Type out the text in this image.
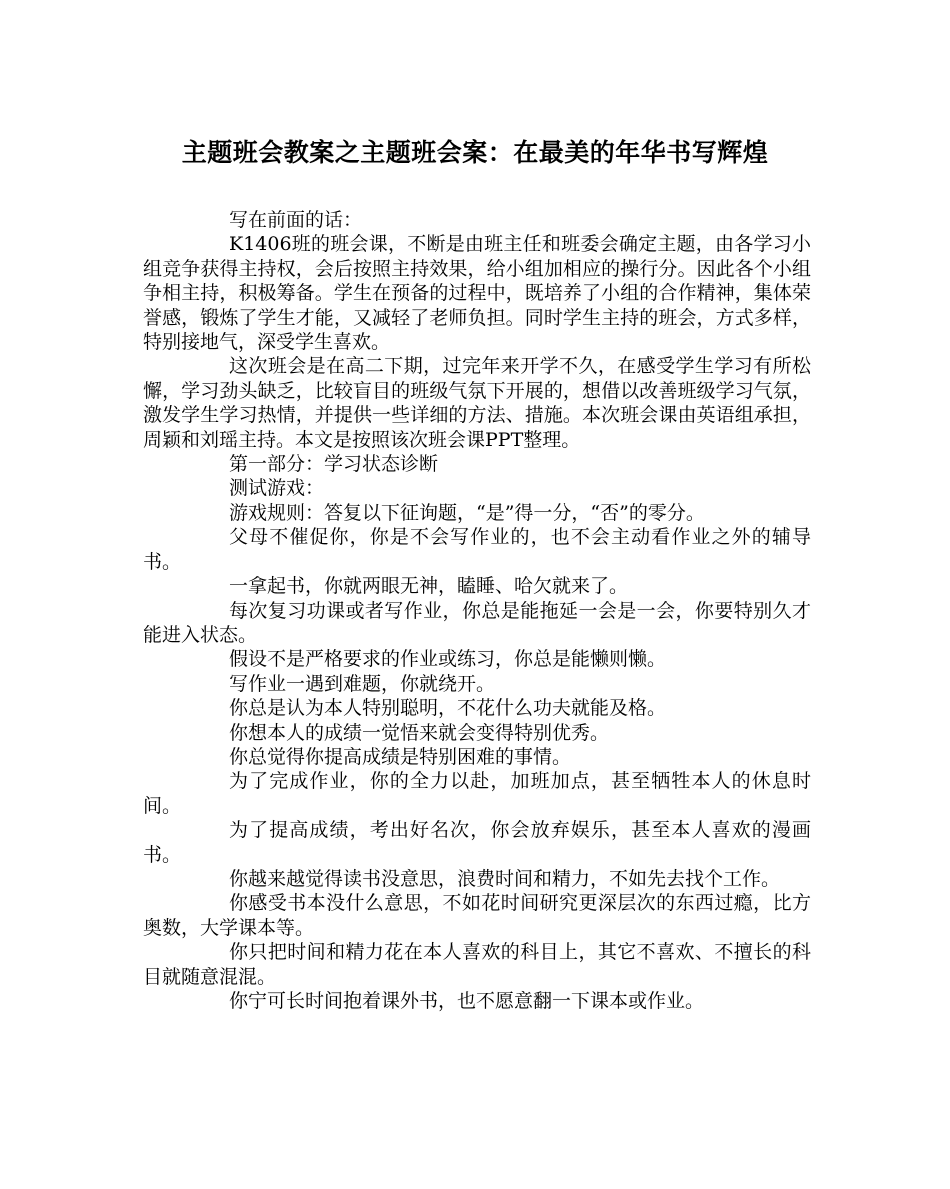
主题班会教案之主题班会案：在最美的年华书写辉煌

写在前面的话：

K1406班的班会课，不断是由班主任和班委会确定主题，由各学习小组竞争获得主持权，会后按照主持效果，给小组加相应的操行分。因此各个小组争相主持，积极筹备。学生在预备的过程中，既培养了小组的合作精神，集体荣誉感，锻炼了学生才能，又减轻了老师负担。同时学生主持的班会，方式多样，特别接地气，深受学生喜欢。

这次班会是在高二下期，过完年来开学不久，在感受学生学习有所松懈，学习劲头缺乏，比较盲目的班级气氛下开展的，想借以改善班级学习气氛，激发学生学习热情，并提供一些详细的方法、措施。本次班会课由英语组承担，周颖和刘瑶主持。本文是按照该次班会课PPT整理。

第一部分：学习状态诊断

测试游戏：

游戏规则：答复以下征询题，“是”得一分，“否”的零分。

父母不催促你，你是不会写作业的，也不会主动看作业之外的辅导书。

一拿起书，你就两眼无神，瞌睡、哈欠就来了。

每次复习功课或者写作业，你总是能拖延一会是一会，你要特别久才能进入状态。

假设不是严格要求的作业或练习，你总是能懒则懒。

写作业一遇到难题，你就绕开。

你总是认为本人特别聪明，不花什么功夫就能及格。

你想本人的成绩一觉悟来就会变得特别优秀。

你总觉得你提高成绩是特别困难的事情。

为了完成作业，你的全力以赴，加班加点，甚至牺牲本人的休息时间。

为了提高成绩，考出好名次，你会放弃娱乐，甚至本人喜欢的漫画书。

你越来越觉得读书没意思，浪费时间和精力，不如先去找个工作。

你感受书本没什么意思，不如花时间研究更深层次的东西过瘾，比方奥数，大学课本等。

你只把时间和精力花在本人喜欢的科目上，其它不喜欢、不擅长的科目就随意混混。

你宁可长时间抱着课外书，也不愿意翻一下课本或作业。
